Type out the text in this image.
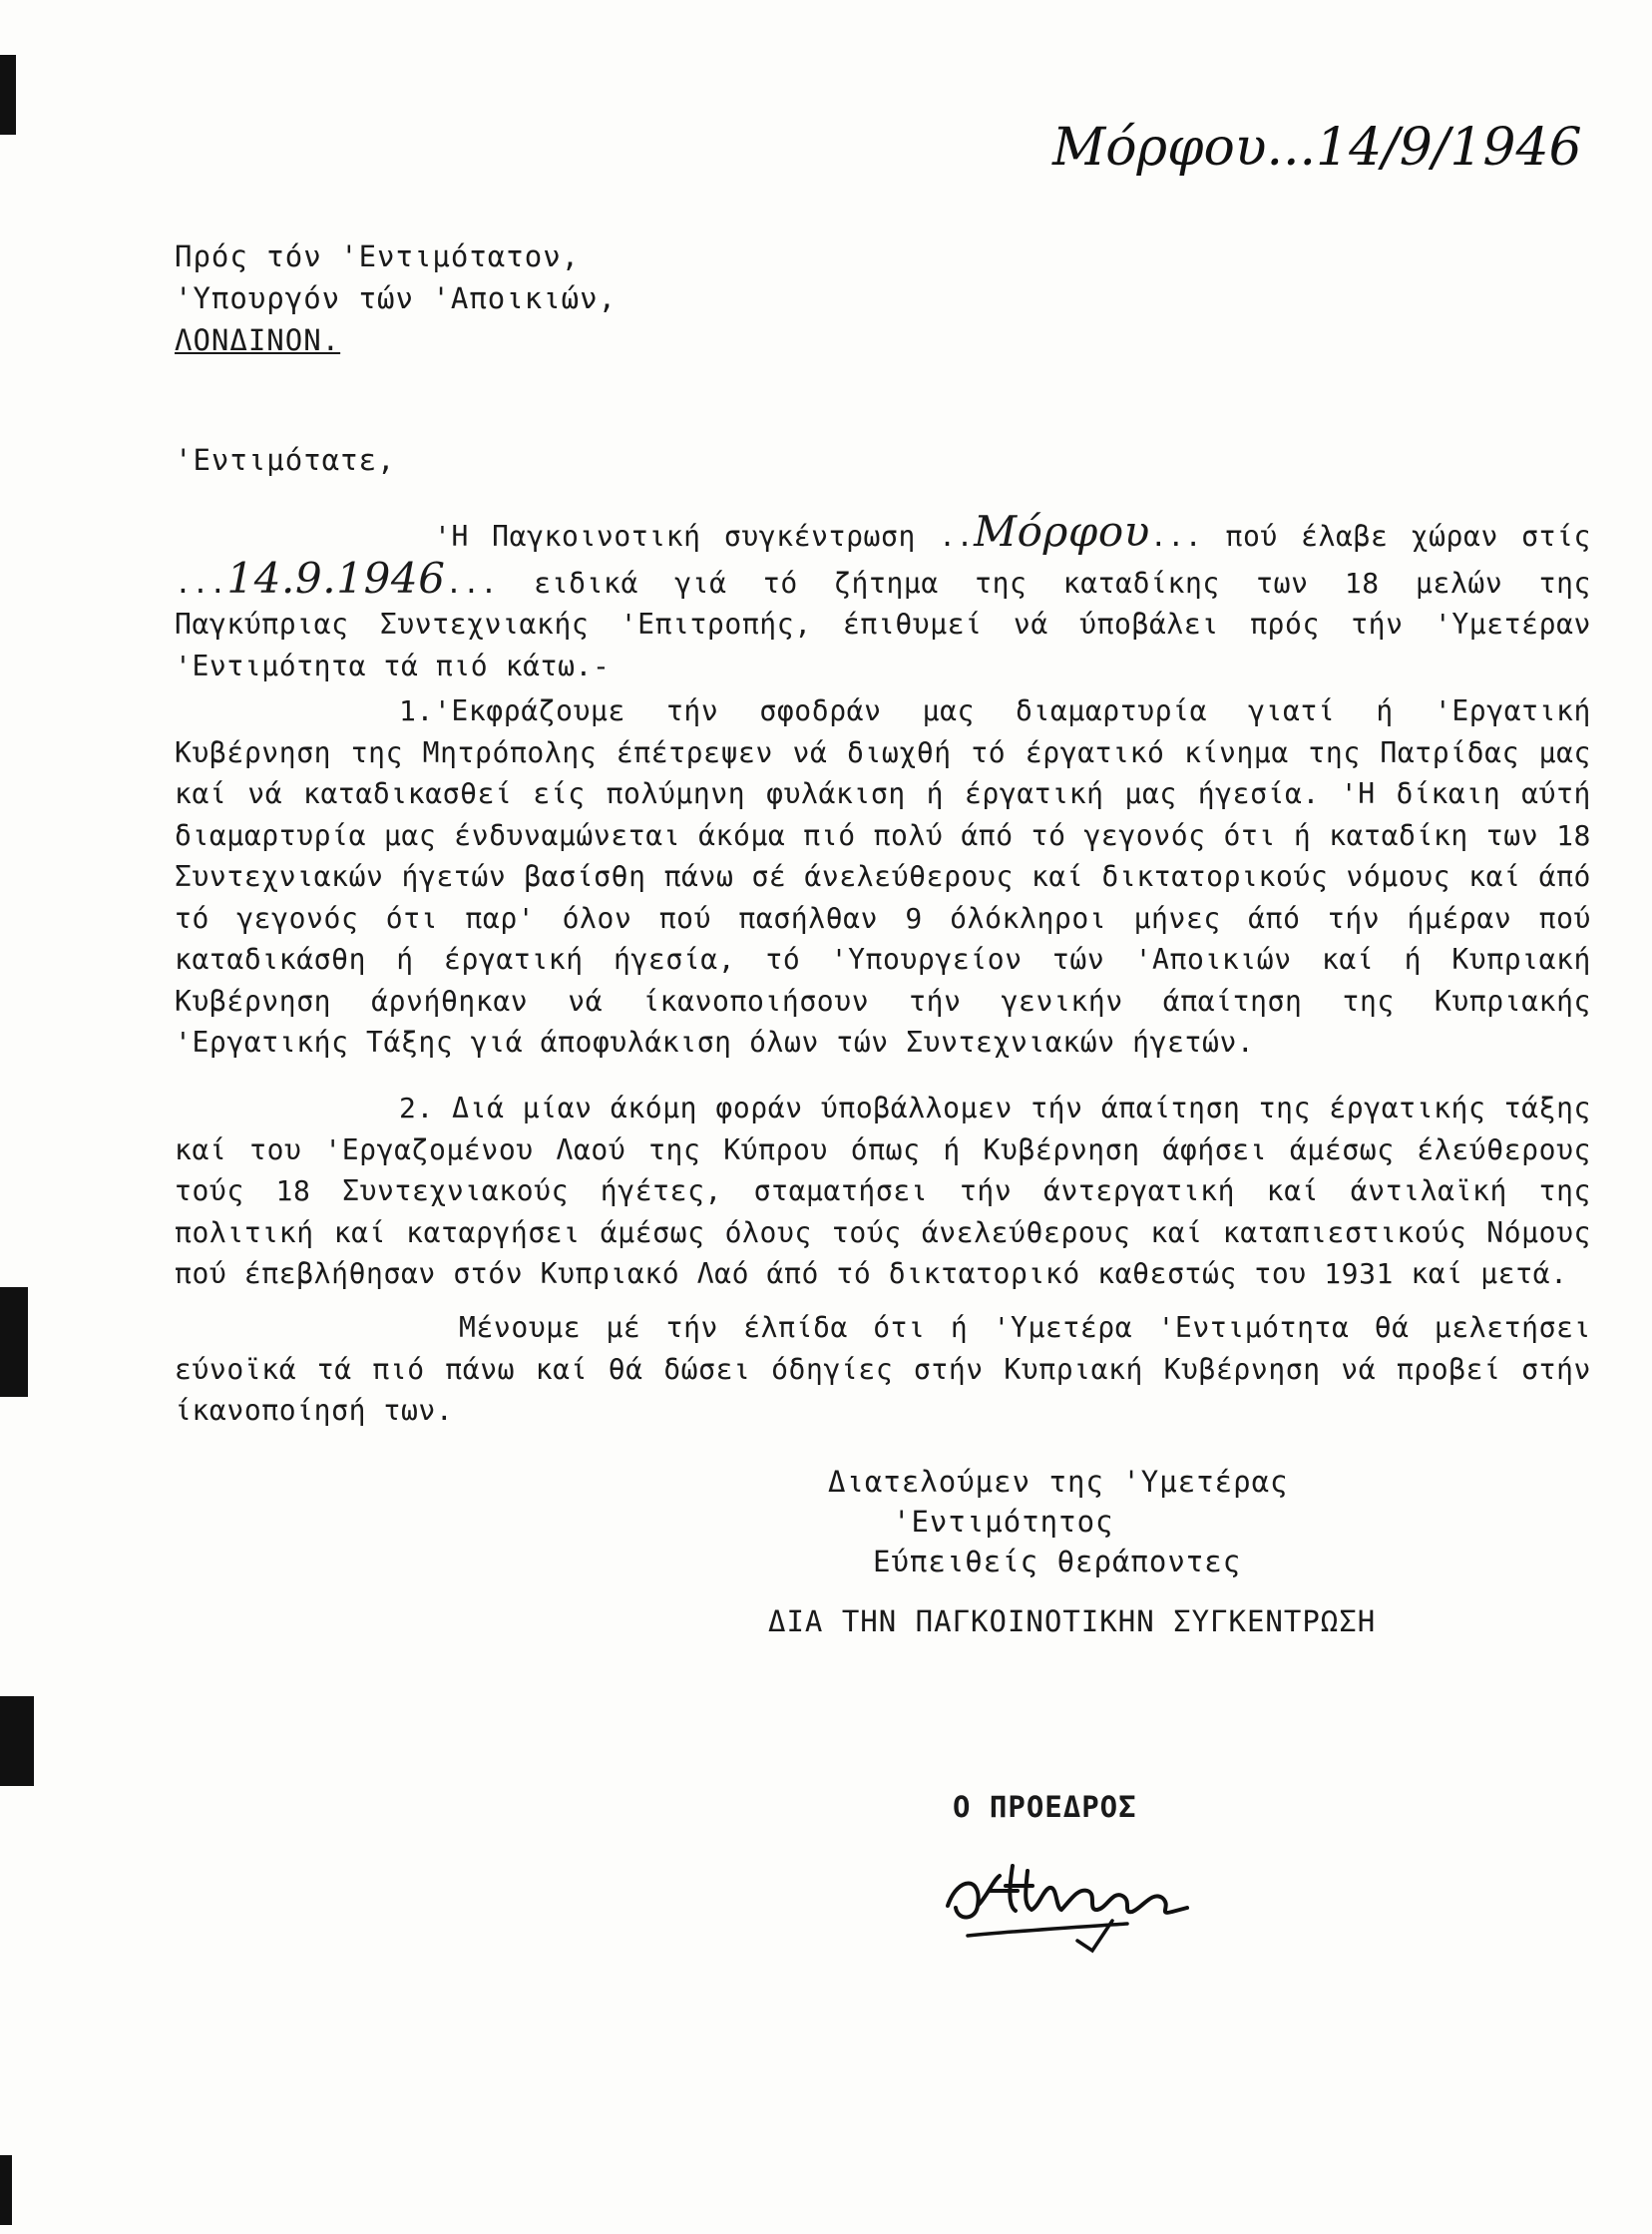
Μόρφου...14/9/1946
Πρός τόν 'Εντιμότατον,
'Υπουργόν τών 'Αποικιών,
ΛΟΝΔΙΝΟΝ.
'Εντιμότατε,
'Η Παγκοινοτική συγκέντρωση ..Μόρφου... πού έλαβε χώραν στίς ...14.9.1946... ειδικά γιά τό ζήτημα της καταδίκης των 18 μελών της Παγκύπριας Συντεχνιακής 'Επιτροπής, έπιθυμεί νά ύποβάλει πρός τήν 'Υμετέραν 'Εντιμότητα τά πιό κάτω.-
1.'Εκφράζουμε τήν σφοδράν μας διαμαρτυρία γιατί ή 'Εργατική Κυβέρνηση της Μητρόπολης έπέτρεψεν νά διωχθή τό έργατικό κίνημα της Πατρίδας μας καί νά καταδικασθεί είς πολύμηνη φυλάκιση ή έργατική μας ήγεσία. 'Η δίκαιη αύτή διαμαρτυρία μας ένδυναμώνεται άκόμα πιό πολύ άπό τό γεγονός ότι ή καταδίκη των 18 Συντεχνιακών ήγετών βασίσθη πάνω σέ άνελεύθερους καί δικτατορικούς νόμους καί άπό τό γεγονός ότι παρ' όλον πού πασήλθαν 9 όλόκληροι μήνες άπό τήν ήμέραν πού καταδικάσθη ή έργατική ήγεσία, τό 'Υπουργείον τών 'Αποικιών καί ή Κυπριακή Κυβέρνηση άρνήθηκαν νά ίκανοποιήσουν τήν γενικήν άπαίτηση της Κυπριακής 'Εργατικής Τάξης γιά άποφυλάκιση όλων τών Συντεχνιακών ήγετών.
2. Διά μίαν άκόμη φοράν ύποβάλλομεν τήν άπαίτηση της έργατικής τάξης καί του 'Εργαζομένου Λαού της Κύπρου όπως ή Κυβέρνηση άφήσει άμέσως έλεύθερους τούς 18 Συντεχνιακούς ήγέτες, σταματήσει τήν άντεργατική καί άντιλαϊκή της πολιτική καί καταργήσει άμέσως όλους τούς άνελεύθερους καί καταπιεστικούς Νόμους πού έπεβλήθησαν στόν Κυπριακό Λαό άπό τό δικτατορικό καθεστώς του 1931 καί μετά.
Μένουμε μέ τήν έλπίδα ότι ή 'Υμετέρα 'Εντιμότητα θά μελετήσει εύνοϊκά τά πιό πάνω καί θά δώσει όδηγίες στήν Κυπριακή Κυβέρνηση νά προβεί στήν ίκανοποίησή των.
Διατελούμεν της 'Υμετέρας
'Εντιμότητος
Εύπειθείς θεράποντες
ΔΙΑ ΤΗΝ ΠΑΓΚΟΙΝΟΤΙΚΗΝ ΣΥΓΚΕΝΤΡΩΣΗ
Ο ΠΡΟΕΔΡΟΣ
